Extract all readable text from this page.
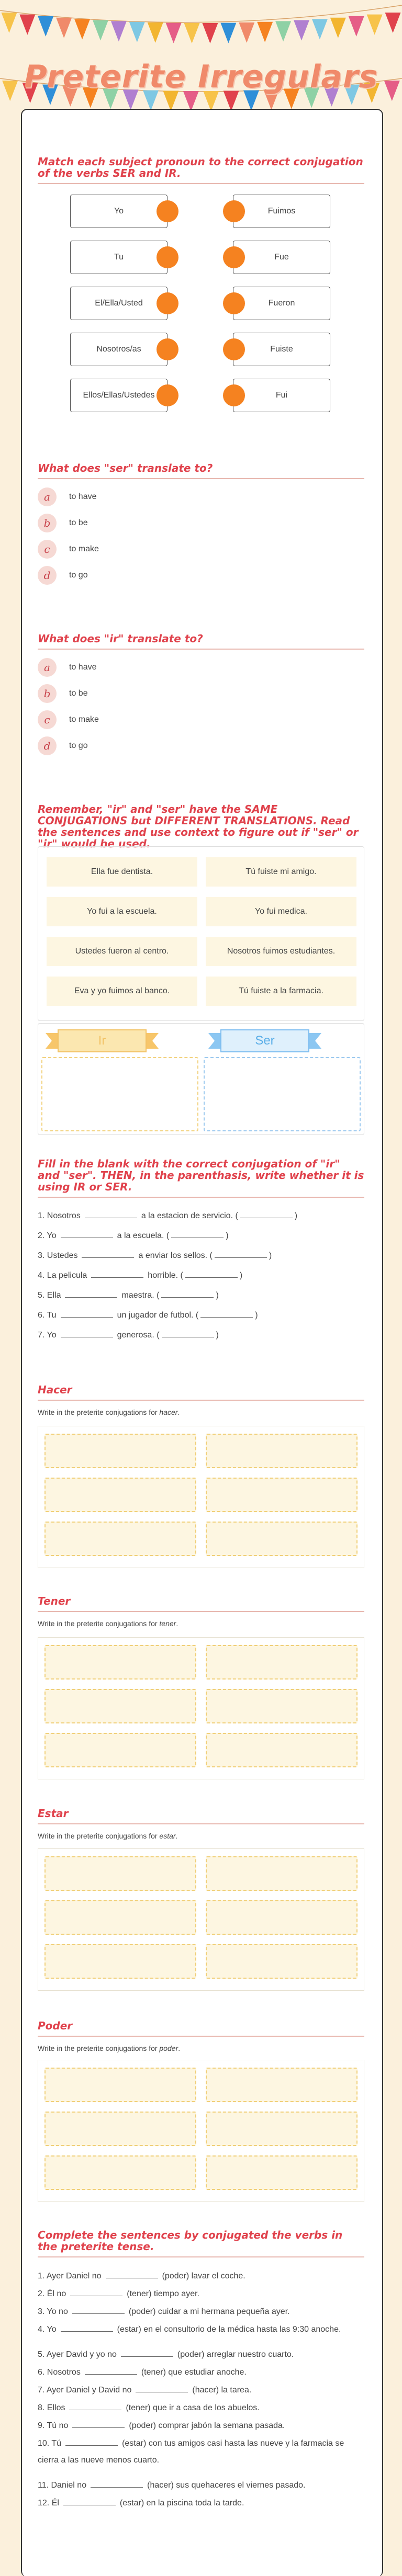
Preterite Irregulars

Match each subject pronoun to the correct conjugation of the verbs SER and IR.

Yo
Tu
El/Ella/Usted
Nosotros/as
Ellos/Ellas/Ustedes
Fuimos
Fue
Fueron
Fuiste
Fui

What does "ser" translate to?

a	to have
b	to be
c	to make
d	to go

What does "ir" translate to?

a	to have
b	to be
c	to make
d	to go

Remember, "ir" and "ser" have the SAME CONJUGATIONS but DIFFERENT TRANSLATIONS. Read the sentences and use context to figure out if "ser" or "ir" would be used.

Ella fue dentista.	Tú fuiste mi amigo.
Yo fui a la escuela.	Yo fui medica.
Ustedes fueron al centro.	Nosotros fuimos estudiantes.
Eva y yo fuimos al banco.	Tú fuiste a la farmacia.
Ir	Ser

Fill in the blank with the correct conjugation of "ir" and "ser". THEN, in the parenthasis, write whether it is using IR or SER.

1. Nosotros	a la estacion de servicio. (	)
2. Yo	a la escuela. (	)
3. Ustedes	a enviar los sellos. (	)
4. La pelicula	horrible. (	)
5. Ella	maestra. (	)
6. Tu	un jugador de futbol. (	)
7. Yo	generosa. (	)

Hacer

Write in the preterite conjugations for hacer.

Tener

Write in the preterite conjugations for tener.

Estar

Write in the preterite conjugations for estar.

Poder

Write in the preterite conjugations for poder.

Complete the sentences by conjugated the verbs in the preterite tense.

1. Ayer Daniel no	(poder) lavar el coche.
2. Él no	(tener) tiempo ayer.
3. Yo no	(poder) cuidar a mi hermana pequeña ayer.
4. Yo	(estar) en el consultorio de la médica hasta las 9:30 anoche.
5. Ayer David y yo no	(poder) arreglar nuestro cuarto.
6. Nosotros	(tener) que estudiar anoche.
7. Ayer Daniel y David no	(hacer) la tarea.
8. Ellos	(tener) que ir a casa de los abuelos.
9. Tú no	(poder) comprar jabón la semana pasada.
10. Tú	(estar) con tus amigos casi hasta las nueve y la farmacia se cierra a las nueve menos cuarto.
11. Daniel no	(hacer) sus quehaceres el viernes pasado.
12. Él	(estar) en la piscina toda la tarde.
